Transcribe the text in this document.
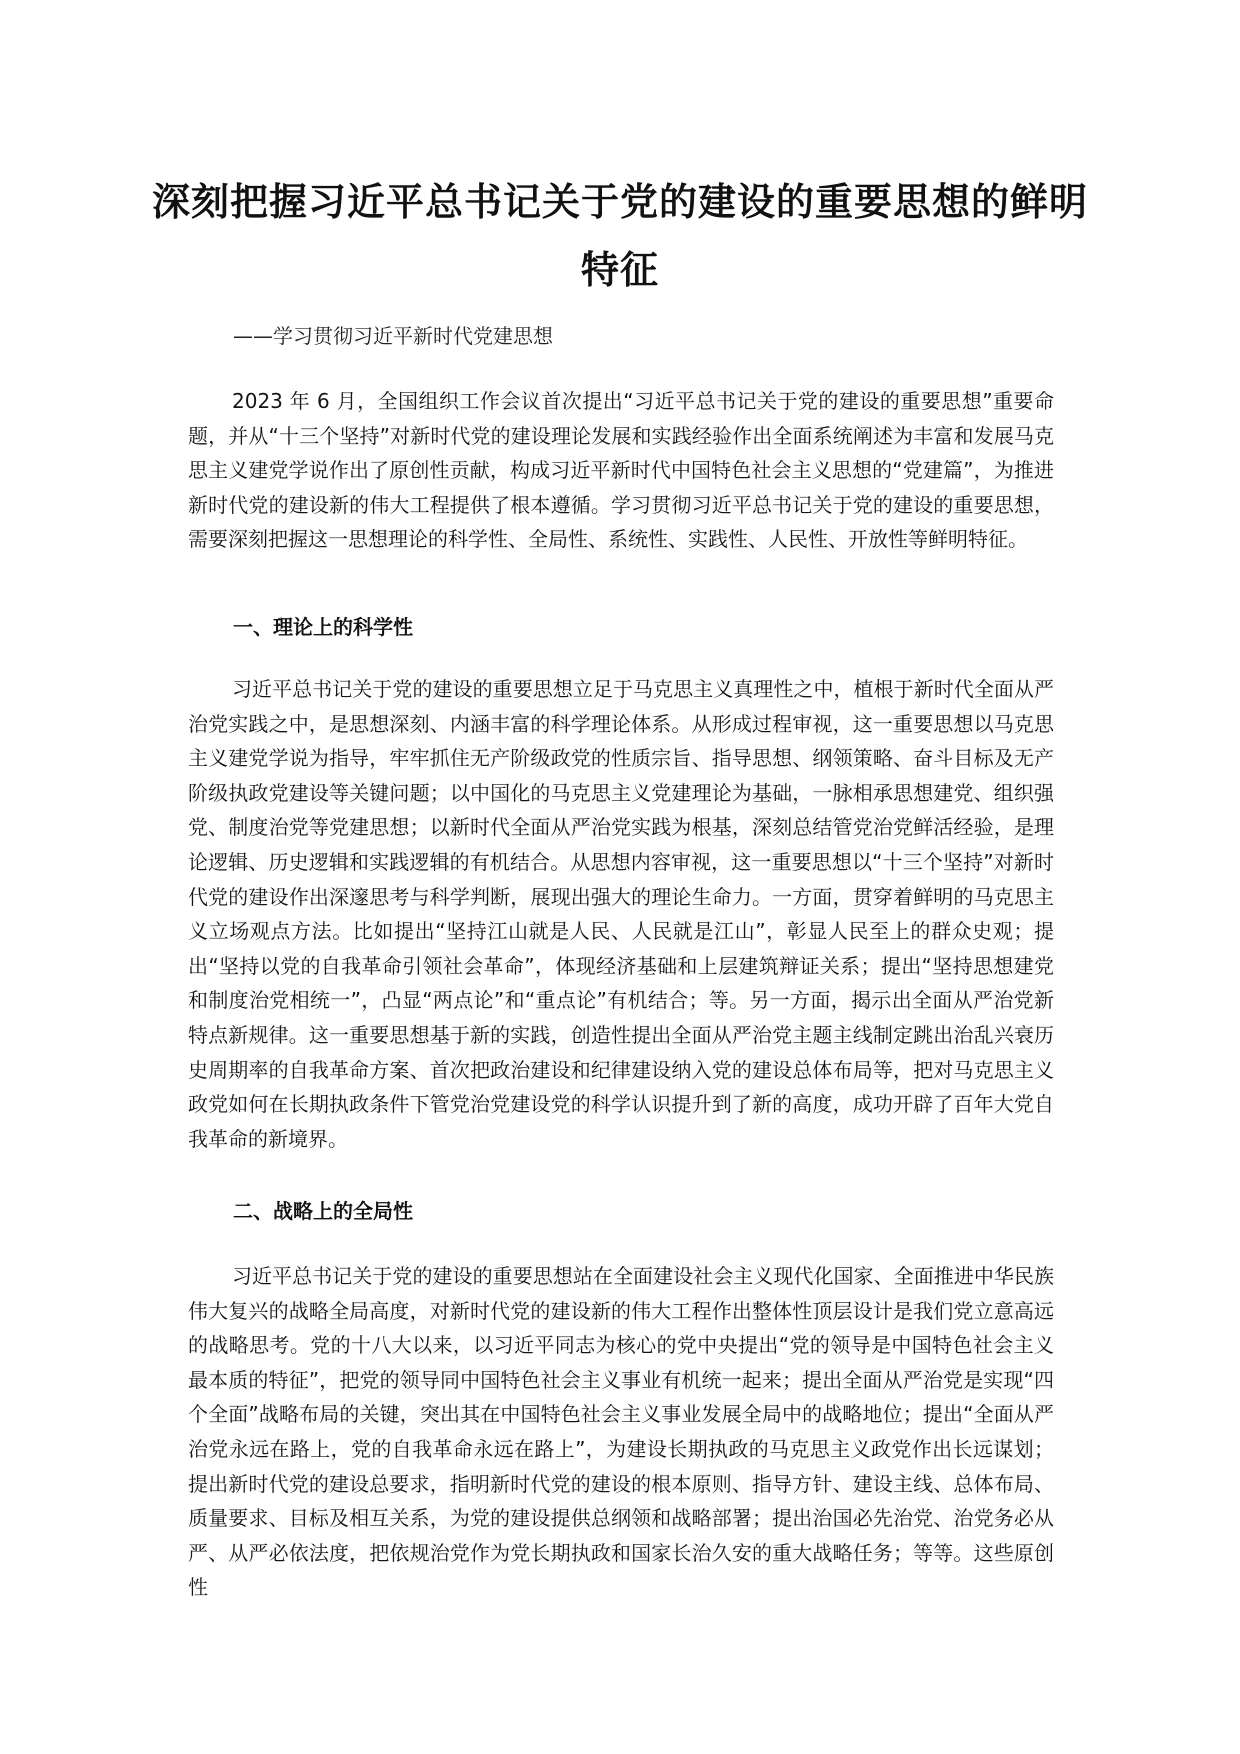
深刻把握习近平总书记关于党的建设的重要思想的鲜明特征
——学习贯彻习近平新时代党建思想

2023 年 6 月，全国组织工作会议首次提出“习近平总书记关于党的建设的重要思想”重要命题，并从“十三个坚持”对新时代党的建设理论发展和实践经验作出全面系统阐述为丰富和发展马克思主义建党学说作出了原创性贡献，构成习近平新时代中国特色社会主义思想的“党建篇”，为推进新时代党的建设新的伟大工程提供了根本遵循。学习贯彻习近平总书记关于党的建设的重要思想，需要深刻把握这一思想理论的科学性、全局性、系统性、实践性、人民性、开放性等鲜明特征。

一、理论上的科学性

习近平总书记关于党的建设的重要思想立足于马克思主义真理性之中，植根于新时代全面从严治党实践之中，是思想深刻、内涵丰富的科学理论体系。从形成过程审视，这一重要思想以马克思主义建党学说为指导，牢牢抓住无产阶级政党的性质宗旨、指导思想、纲领策略、奋斗目标及无产阶级执政党建设等关键问题；以中国化的马克思主义党建理论为基础，一脉相承思想建党、组织强党、制度治党等党建思想；以新时代全面从严治党实践为根基，深刻总结管党治党鲜活经验，是理论逻辑、历史逻辑和实践逻辑的有机结合。从思想内容审视，这一重要思想以“十三个坚持”对新时代党的建设作出深邃思考与科学判断，展现出强大的理论生命力。一方面，贯穿着鲜明的马克思主义立场观点方法。比如提出“坚持江山就是人民、人民就是江山”，彰显人民至上的群众史观；提出“坚持以党的自我革命引领社会革命”，体现经济基础和上层建筑辩证关系；提出“坚持思想建党和制度治党相统一”，凸显“两点论”和“重点论”有机结合；等。另一方面，揭示出全面从严治党新特点新规律。这一重要思想基于新的实践，创造性提出全面从严治党主题主线制定跳出治乱兴衰历史周期率的自我革命方案、首次把政治建设和纪律建设纳入党的建设总体布局等，把对马克思主义政党如何在长期执政条件下管党治党建设党的科学认识提升到了新的高度，成功开辟了百年大党自我革命的新境界。

二、战略上的全局性

习近平总书记关于党的建设的重要思想站在全面建设社会主义现代化国家、全面推进中华民族伟大复兴的战略全局高度，对新时代党的建设新的伟大工程作出整体性顶层设计是我们党立意高远的战略思考。党的十八大以来，以习近平同志为核心的党中央提出“党的领导是中国特色社会主义最本质的特征”，把党的领导同中国特色社会主义事业有机统一起来；提出全面从严治党是实现“四个全面”战略布局的关键，突出其在中国特色社会主义事业发展全局中的战略地位；提出“全面从严治党永远在路上，党的自我革命永远在路上”，为建设长期执政的马克思主义政党作出长远谋划；提出新时代党的建设总要求，指明新时代党的建设的根本原则、指导方针、建设主线、总体布局、质量要求、目标及相互关系，为党的建设提供总纲领和战略部署；提出治国必先治党、治党务必从严、从严必依法度，把依规治党作为党长期执政和国家长治久安的重大战略任务；等等。这些原创性
